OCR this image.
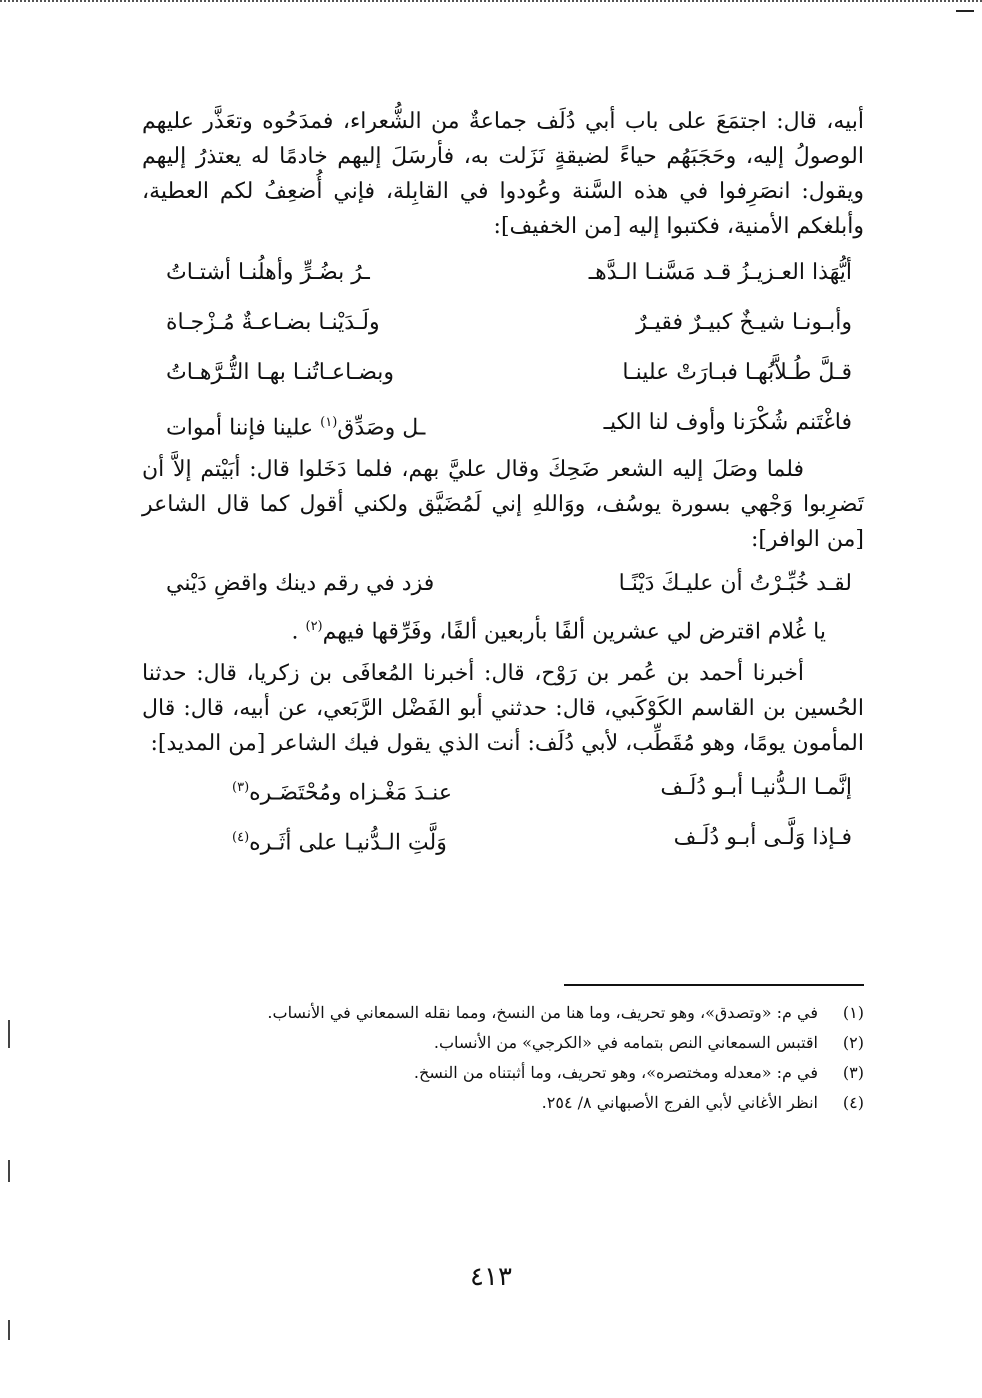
أبيه، قال: اجتمَعَ على باب أبي دُلَف جماعةٌ من الشُّعراء، فمدَحُوه وتعَذَّر عليهم الوصولُ إليه، وحَجَبَهُم حياءً لضيقةٍ نَزَلت به، فأرسَلَ إليهم خادمًا له يعتذرُ إليهم ويقول: انصَرِفوا في هذه السَّنة وعُودوا في القابِلة، فإني أُضعِفُ لكم العطية، وأبلغكم الأمنية، فكتبوا إليه [من الخفيف]:

أيُّهَذا العـزيـزُ قـد مَسَّنـا الـدَّهـ
ـرُ بضُـرٍّ وأهلُنـا أشتـاتُ
وأبـونـا شيـخٌ كبيـرٌ فقيـرٌ
ولَـدَيْنـا بضـاعـةٌ مُـزْجـاة
قـلَّ طُـلاَّبُهـا فبـارَتْ علينـا
وبضـاعـاتُنـا بهـا التُّـرَّهـاتُ
فاغْتَنم شُكْرَنا وأوف لنا الكيـ
ـل وصَدِّق$^{(١)}$ علينا فإننا أموات

فلما وصَلَ إليه الشعر ضَحِكَ وقال عليَّ بهم، فلما دَخَلوا قال: أبَيْتم إلاَّ أن تَضرِبوا وَجْهي بسورة يوسُف، ووَاللهِ إني لَمُضَيَّق ولكني أقول كما قال الشاعر [من الوافر]:

لقـد خُبِّـرْتُ أن عليـكَ دَيْنًـا
فزد في رقم دينك واقضِ دَيْني
يا غُلام اقترض لي عشرين ألفًا بأربعين ألفًا، وفَرِّقها فيهم$^{(٢)}$ .

أخبرنا أحمد بن عُمر بن رَوْح، قال: أخبرنا المُعافَى بن زكريا، قال: حدثنا الحُسين بن القاسم الكَوْكَبي، قال: حدثني أبو الفَضْل الرَّبَعي، عن أبيه، قال: قال المأمون يومًا، وهو مُقَطِّب، لأبي دُلَف: أنت الذي يقول فيك الشاعر [من المديد]:

إنَّمـا الـدُّنيـا أبـو دُلَـف
عنـدَ مَغْـزاه ومُحْتَضَـره$^{(٣)}$
فـإذا وَلَّـى أبـو دُلَـف
وَلَّتِ الـدُّنيـا على أثَـره$^{(٤)}$
(١)
في م: «وتصدق»، وهو تحريف، وما هنا من النسخ، ومما نقله السمعاني في الأنساب.
(٢)
اقتبس السمعاني النص بتمامه في «الكرجي» من الأنساب.
(٣)
في م: «معدله ومختصره»، وهو تحريف، وما أثبتناه من النسخ.
(٤)
انظر الأغاني لأبي الفرج الأصبهاني ٨/ ٢٥٤.
٤١٣
